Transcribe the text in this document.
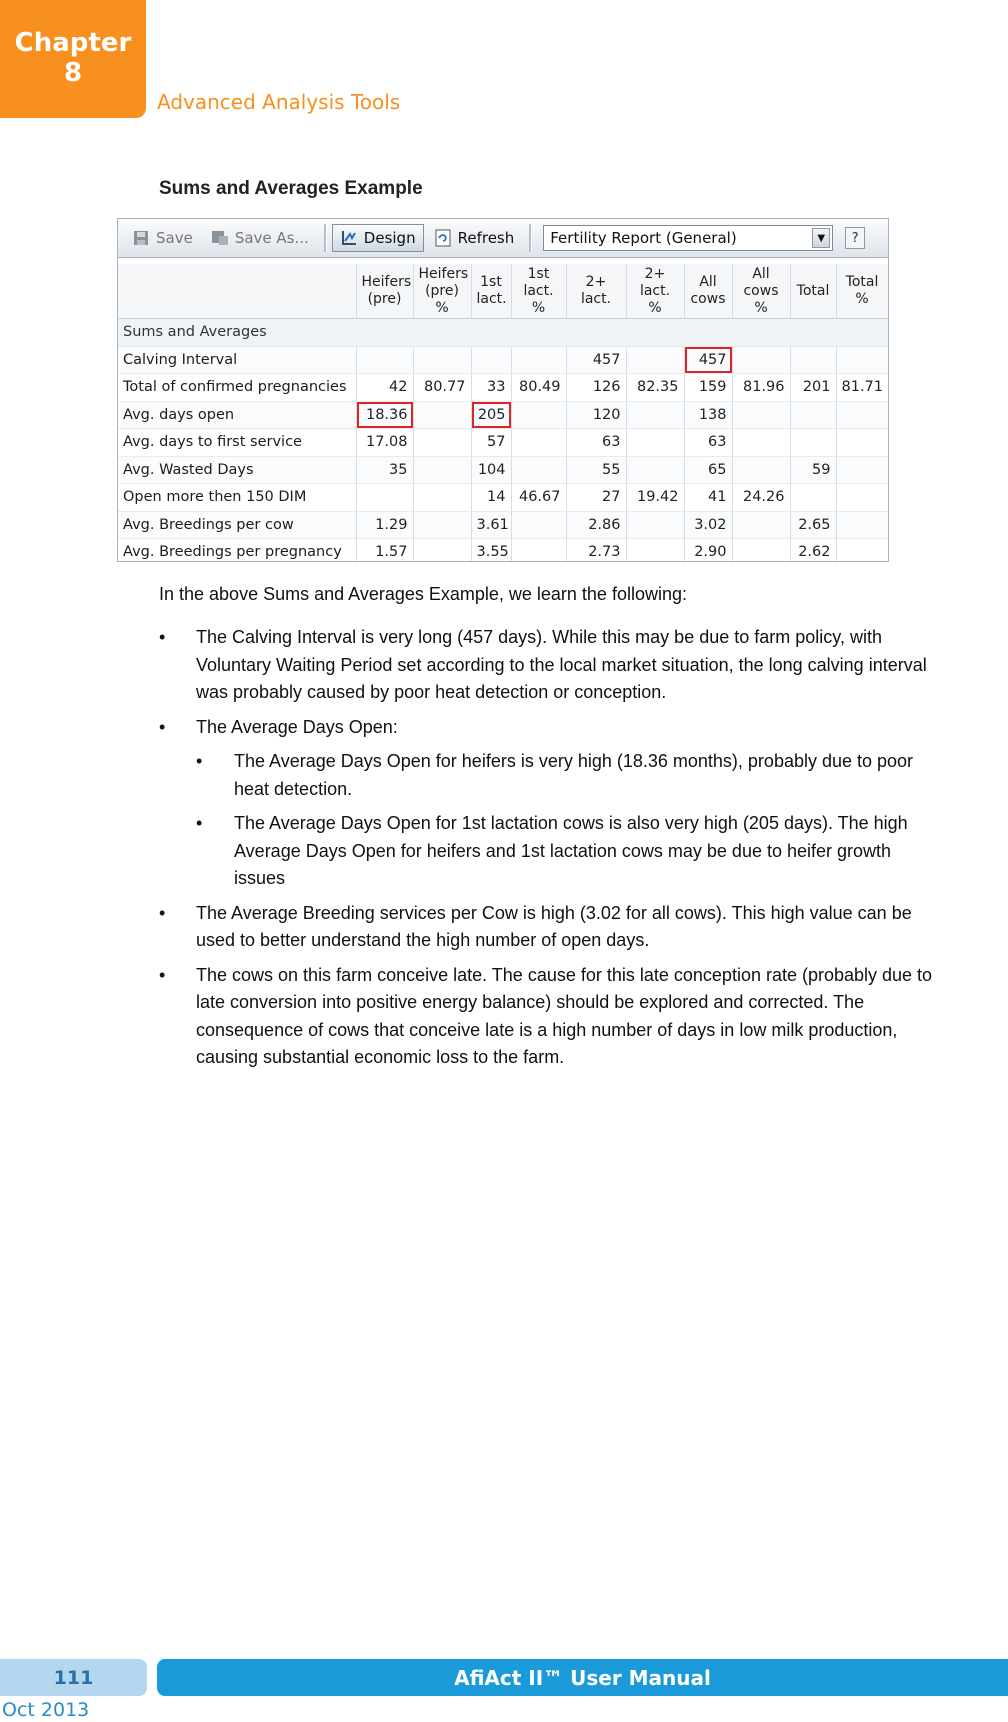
Chapter
8
Advanced Analysis Tools
Sums and Averages Example
Save	Save As...	Design	Refresh Fertility Report (General)	▼	?
	Heifers (pre)	Heifers (pre) %	1st lact.	1st lact. %	2+ lact.	2+ lact. %	All cows	All cows %	Total	Total %
Sums and Averages										
Calving Interval					457		457			
Total of confirmed pregnancies	42	80.77	33	80.49	126	82.35	159	81.96	201	81.71
Avg. days open	18.36		205		120		138			
Avg. days to first service	17.08		57		63		63			
Avg. Wasted Days	35		104		55		65		59	
Open more then 150 DIM			14	46.67	27	19.42	41	24.26		
Avg. Breedings per cow	1.29		3.61		2.86		3.02		2.65	
Avg. Breedings per pregnancy	1.57		3.55		2.73		2.90		2.62	
In the above Sums and Averages Example, we learn the following:
• The Calving Interval is very long (457 days). While this may be due to farm policy, with Voluntary Waiting Period set according to the local market situation, the long calving interval was probably caused by poor heat detection or conception.
• The Average Days Open:
• The Average Days Open for heifers is very high (18.36 months), probably due to poor heat detection.
• The Average Days Open for 1st lactation cows is also very high (205 days). The high Average Days Open for heifers and 1st lactation cows may be due to heifer growth issues
• The Average Breeding services per Cow is high (3.02 for all cows). This high value can be used to better understand the high number of open days.
• The cows on this farm conceive late. The cause for this late conception rate (probably due to late conversion into positive energy balance) should be explored and corrected. The consequence of cows that conceive late is a high number of days in low milk production, causing substantial economic loss to the farm.
111	AfiAct II™ User Manual
Oct 2013
